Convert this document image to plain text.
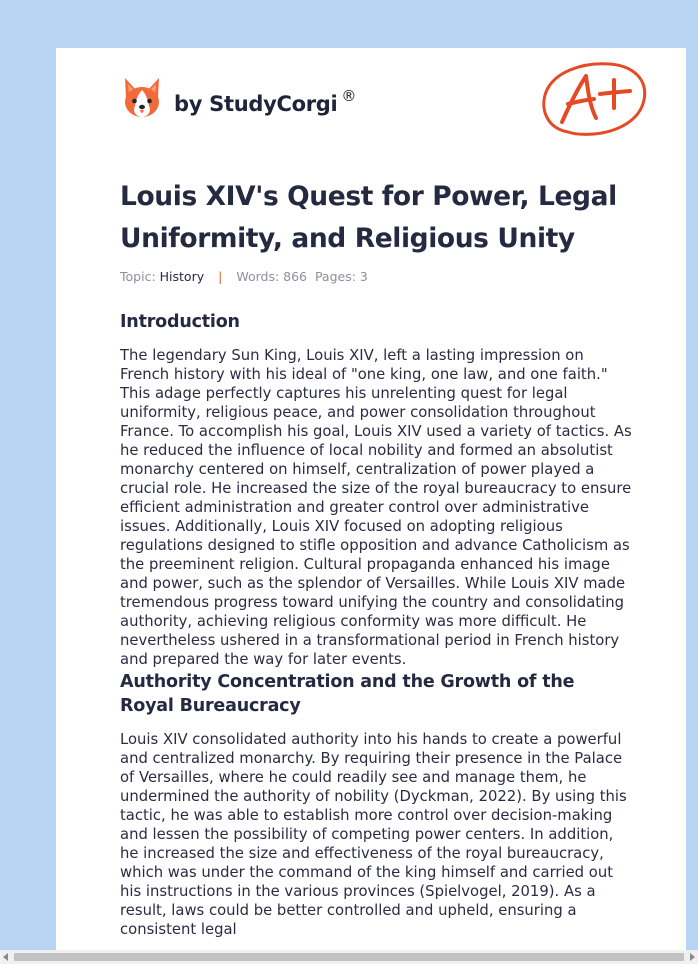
by StudyCorgi ®
Louis XIV's Quest for Power, Legal Uniformity, and Religious Unity
Topic: History | Words: 866 Pages: 3
Introduction

The legendary Sun King, Louis XIV, left a lasting impression on French history with his ideal of "one king, one law, and one faith." This adage perfectly captures his unrelenting quest for legal uniformity, religious peace, and power consolidation throughout France. To accomplish his goal, Louis XIV used a variety of tactics. As he reduced the influence of local nobility and formed an absolutist monarchy centered on himself, centralization of power played a crucial role. He increased the size of the royal bureaucracy to ensure efficient administration and greater control over administrative issues. Additionally, Louis XIV focused on adopting religious regulations designed to stifle opposition and advance Catholicism as the preeminent religion. Cultural propaganda enhanced his image and power, such as the splendor of Versailles. While Louis XIV made tremendous progress toward unifying the country and consolidating authority, achieving religious conformity was more difficult. He nevertheless ushered in a transformational period in French history and prepared the way for later events.

Authority Concentration and the Growth of the Royal Bureaucracy

Louis XIV consolidated authority into his hands to create a powerful and centralized monarchy. By requiring their presence in the Palace of Versailles, where he could readily see and manage them, he undermined the authority of nobility (Dyckman, 2022). By using this tactic, he was able to establish more control over decision-making and lessen the possibility of competing power centers. In addition, he increased the size and effectiveness of the royal bureaucracy, which was under the command of the king himself and carried out his instructions in the various provinces (Spielvogel, 2019). As a result, laws could be better controlled and upheld, ensuring a consistent legal
